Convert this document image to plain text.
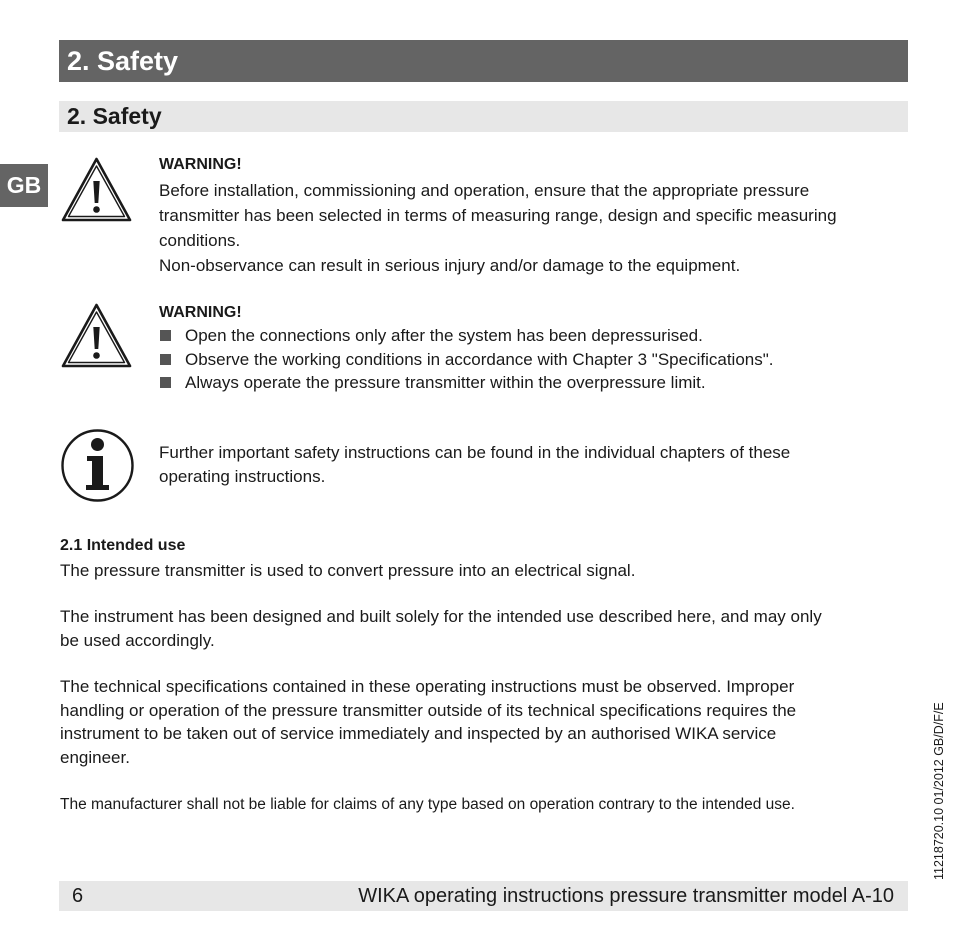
2. Safety
2. Safety
GB
WARNING!
Before installation, commissioning and operation, ensure that the appropriate pressure
transmitter has been selected in terms of measuring range, design and specific measuring
conditions.
Non-observance can result in serious injury and/or damage to the equipment.
WARNING!
Open the connections only after the system has been depressurised.
Observe the working conditions in accordance with Chapter 3 "Specifications".
Always operate the pressure transmitter within the overpressure limit.
Further important safety instructions can be found in the individual chapters of these
operating instructions.
2.1 Intended use
The pressure transmitter is used to convert pressure into an electrical signal.
The instrument has been designed and built solely for the intended use described here, and may only
be used accordingly.
The technical specifications contained in these operating instructions must be observed. Improper
handling or operation of the pressure transmitter outside of its technical specifications requires the
instrument to be taken out of service immediately and inspected by an authorised WIKA service
engineer.
The manufacturer shall not be liable for claims of any type based on operation contrary to the intended use.
6	WIKA operating instructions pressure transmitter model A-10
11218720.10 01/2012 GB/D/F/E
